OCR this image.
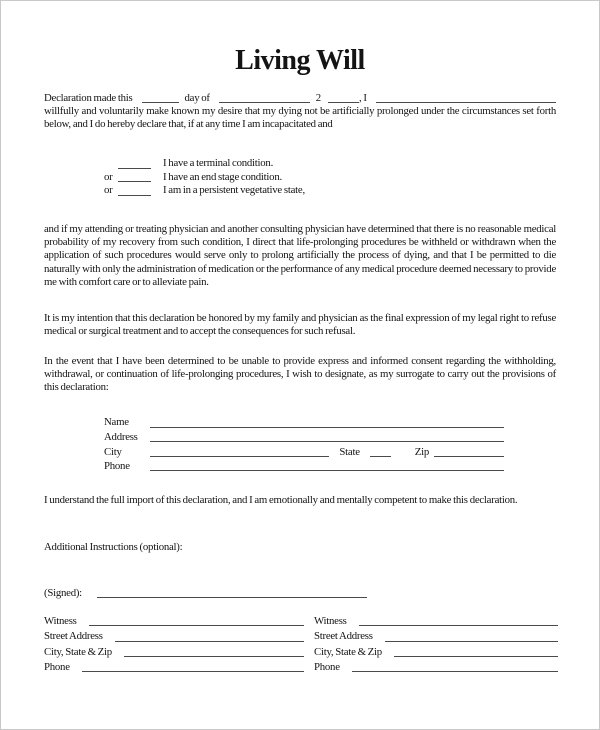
Living Will
Declaration made this	day of	2	, I

willfully and voluntarily make known my desire that my dying not be artificially prolonged under the circumstances set forth below, and I do hereby declare that, if at any time I am incapacitated and

I have a terminal condition.
or	I have an end stage condition.
or	I am in a persistent vegetative state,

and if my attending or treating physician and another consulting physician have determined that there is no reasonable medical probability of my recovery from such condition, I direct that life-prolonging procedures be withheld or withdrawn when the application of such procedures would serve only to prolong artificially the process of dying, and that I be permitted to die naturally with only the administration of medication or the performance of any medical procedure deemed necessary to provide me with comfort care or to alleviate pain.

It is my intention that this declaration be honored by my family and physician as the final expression of my legal right to refuse medical or surgical treatment and to accept the consequences for such refusal.

In the event that I have been determined to be unable to provide express and informed consent regarding the withholding, withdrawal, or continuation of life-prolonging procedures, I wish to designate, as my surrogate to carry out the provisions of this declaration:

Name
Address
City	State	Zip
Phone

I understand the full import of this declaration, and I am emotionally and mentally competent to make this declaration.

Additional Instructions (optional):

(Signed):
Witness
Street Address
City, State & Zip
Phone
Witness
Street Address
City, State & Zip
Phone
